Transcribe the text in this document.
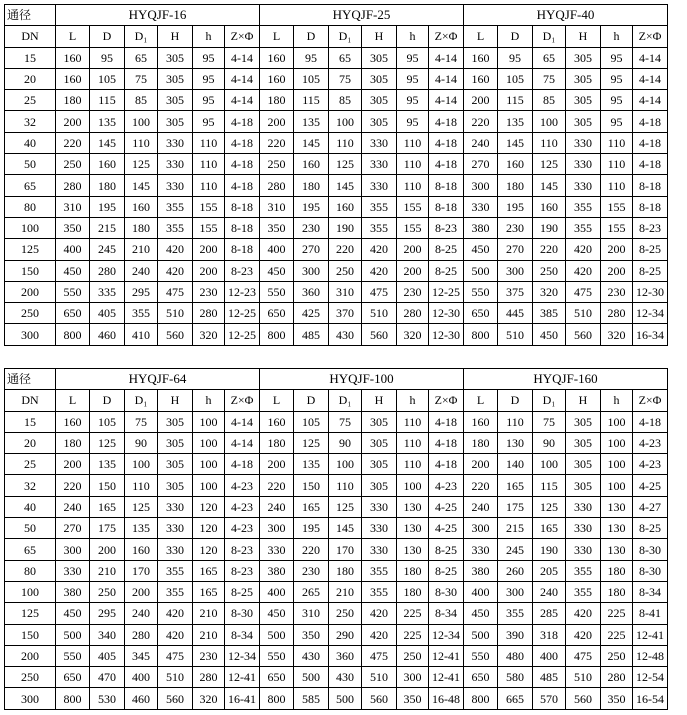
通径	HYQJF-16						HYQJF-25						HYQJF-40					
DN	L	D	D₁	H	h	Z×Φ	L	D	D₁	H	h	Z×Φ	L	D	D₁	H	h	Z×Φ
15	160	95	65	305	95	4-14	160	95	65	305	95	4-14	160	95	65	305	95	4-14
20	160	105	75	305	95	4-14	160	105	75	305	95	4-14	160	105	75	305	95	4-14
25	180	115	85	305	95	4-14	180	115	85	305	95	4-14	200	115	85	305	95	4-14
32	200	135	100	305	95	4-18	200	135	100	305	95	4-18	220	135	100	305	95	4-18
40	220	145	110	330	110	4-18	220	145	110	330	110	4-18	240	145	110	330	110	4-18
50	250	160	125	330	110	4-18	250	160	125	330	110	4-18	270	160	125	330	110	4-18
65	280	180	145	330	110	4-18	280	180	145	330	110	8-18	300	180	145	330	110	8-18
80	310	195	160	355	155	8-18	310	195	160	355	155	8-18	330	195	160	355	155	8-18
100	350	215	180	355	155	8-18	350	230	190	355	155	8-23	380	230	190	355	155	8-23
125	400	245	210	420	200	8-18	400	270	220	420	200	8-25	450	270	220	420	200	8-25
150	450	280	240	420	200	8-23	450	300	250	420	200	8-25	500	300	250	420	200	8-25
200	550	335	295	475	230	12-23	550	360	310	475	230	12-25	550	375	320	475	230	12-30
250	650	405	355	510	280	12-25	650	425	370	510	280	12-30	650	445	385	510	280	12-34
300	800	460	410	560	320	12-25	800	485	430	560	320	12-30	800	510	450	560	320	16-34
通径	HYQJF-64						HYQJF-100						HYQJF-160					
DN	L	D	D₁	H	h	Z×Φ	L	D	D₁	H	h	Z×Φ	L	D	D₁	H	h	Z×Φ
15	160	105	75	305	100	4-14	160	105	75	305	110	4-18	160	110	75	305	100	4-18
20	180	125	90	305	100	4-14	180	125	90	305	110	4-18	180	130	90	305	100	4-23
25	200	135	100	305	100	4-18	200	135	100	305	110	4-18	200	140	100	305	100	4-23
32	220	150	110	305	100	4-23	220	150	110	305	100	4-23	220	165	115	305	100	4-25
40	240	165	125	330	120	4-23	240	165	125	330	130	4-25	240	175	125	330	130	4-27
50	270	175	135	330	120	4-23	300	195	145	330	130	4-25	300	215	165	330	130	8-25
65	300	200	160	330	120	8-23	330	220	170	330	130	8-25	330	245	190	330	130	8-30
80	330	210	170	355	165	8-23	380	230	180	355	180	8-25	380	260	205	355	180	8-30
100	380	250	200	355	165	8-25	400	265	210	355	180	8-30	400	300	240	355	180	8-34
125	450	295	240	420	210	8-30	450	310	250	420	225	8-34	450	355	285	420	225	8-41
150	500	340	280	420	210	8-34	500	350	290	420	225	12-34	500	390	318	420	225	12-41
200	550	405	345	475	230	12-34	550	430	360	475	250	12-41	550	480	400	475	250	12-48
250	650	470	400	510	280	12-41	650	500	430	510	300	12-41	650	580	485	510	280	12-54
300	800	530	460	560	320	16-41	800	585	500	560	350	16-48	800	665	570	560	350	16-54
